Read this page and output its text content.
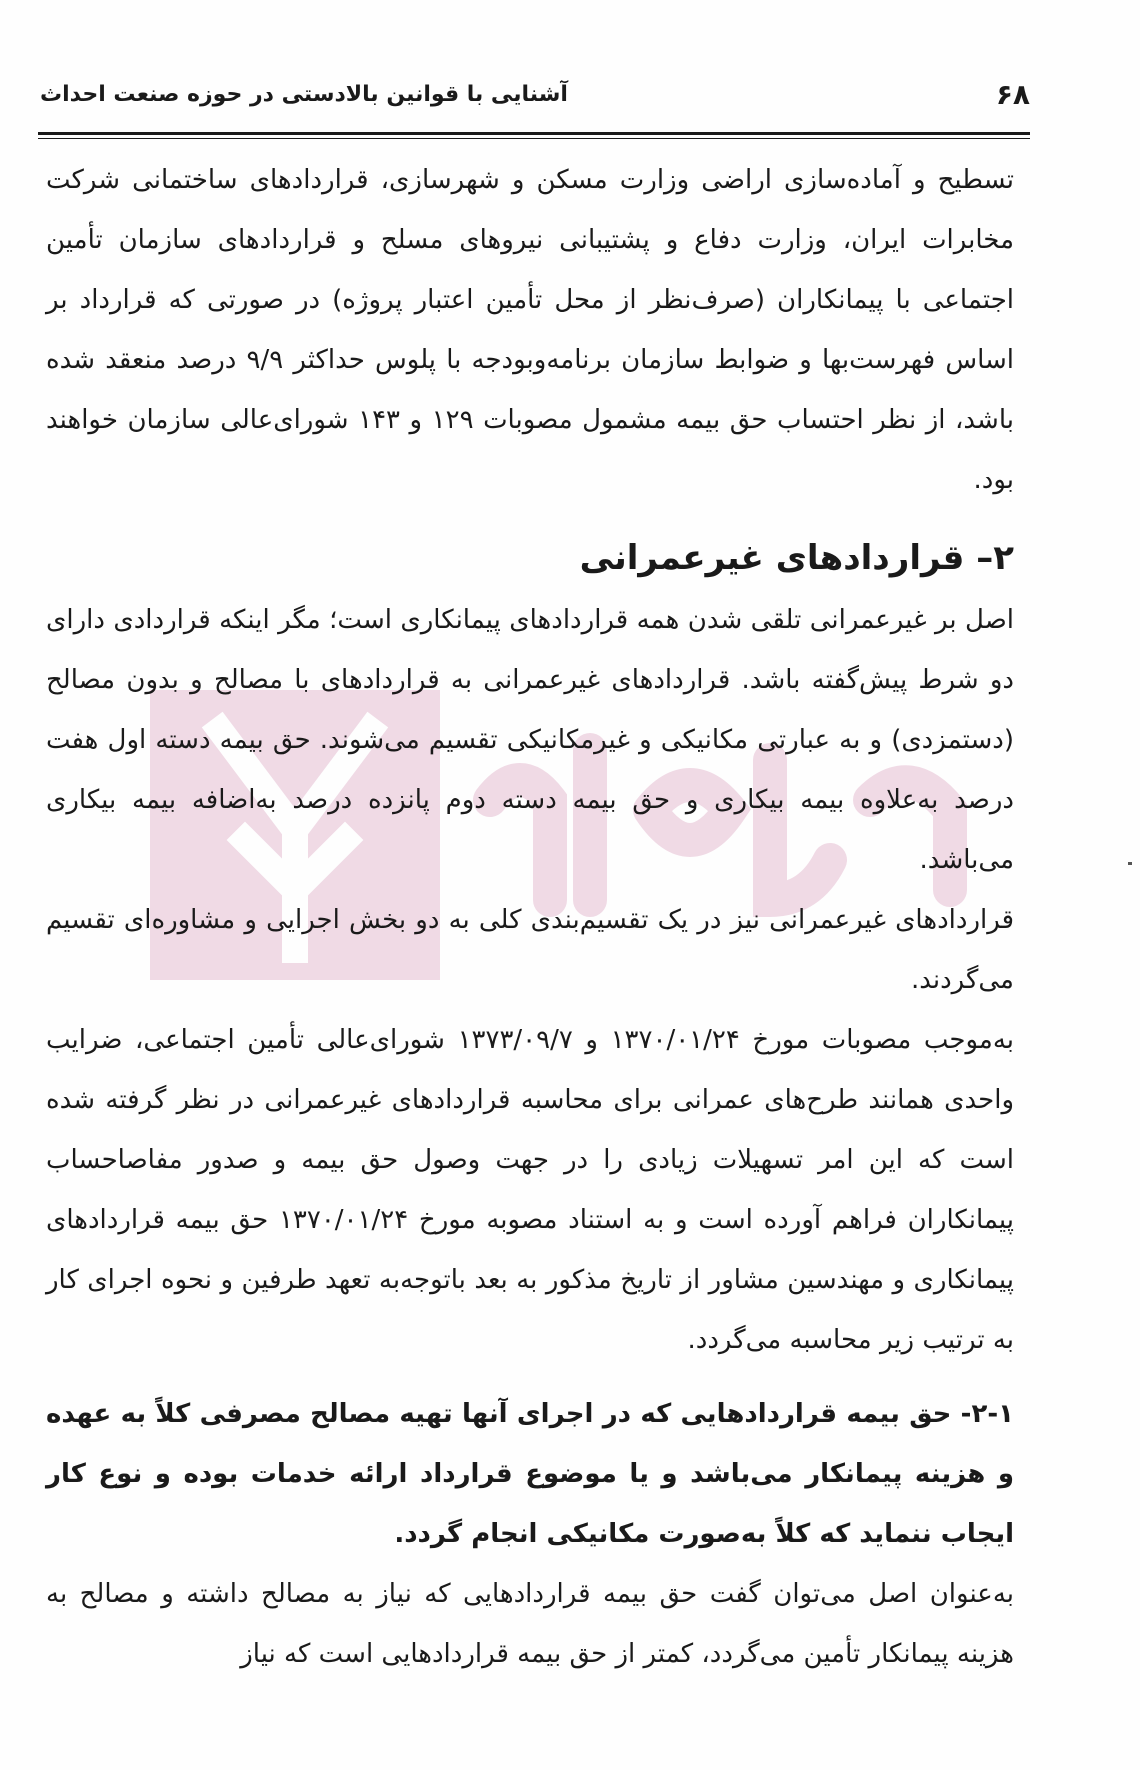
۶۸
آشنایی با قوانین بالادستی در حوزه صنعت احداث

تسطیح و آماده‌سازی اراضی وزارت مسکن و شهرسازی، قراردادهای ساختمانی شرکت مخابرات ایران، وزارت دفاع و پشتیبانی نیروهای مسلح و قراردادهای سازمان تأمین اجتماعی با پیمانکاران (صرف‌نظر از محل تأمین اعتبار پروژه) در صورتی که قرارداد بر اساس فهرست‌بها و ضوابط سازمان برنامه‌وبودجه با پلوس حداکثر ۹/۹ درصد منعقد شده باشد، از نظر احتساب حق بیمه مشمول مصوبات ۱۲۹ و ۱۴۳ شورای‌عالی سازمان خواهند بود.

۲– قراردادهای غیرعمرانی

اصل بر غیرعمرانی تلقی شدن همه قراردادهای پیمانکاری است؛ مگر اینکه قراردادی دارای دو شرط پیش‌گفته باشد. قراردادهای غیرعمرانی به قراردادهای با مصالح و بدون مصالح (دستمزدی) و به عبارتی مکانیکی و غیرمکانیکی تقسیم می‌شوند. حق بیمه دسته اول هفت درصد به‌علاوه بیمه بیکاری و حق بیمه دسته دوم پانزده درصد به‌اضافه بیمه بیکاری می‌باشد.

قراردادهای غیرعمرانی نیز در یک تقسیم‌بندی کلی به دو بخش اجرایی و مشاوره‌ای تقسیم می‌گردند.

به‌موجب مصوبات مورخ ۱۳۷۰/۰۱/۲۴ و ۱۳۷۳/۰۹/۷ شورای‌عالی تأمین اجتماعی، ضرایب واحدی همانند طرح‌های عمرانی برای محاسبه قراردادهای غیرعمرانی در نظر گرفته شده است که این امر تسهیلات زیادی را در جهت وصول حق بیمه و صدور مفاصاحساب پیمانکاران فراهم آورده است و به استناد مصوبه مورخ ۱۳۷۰/۰۱/۲۴ حق بیمه قراردادهای پیمانکاری و مهندسین مشاور از تاریخ مذکور به بعد باتوجه‌به تعهد طرفین و نحوه اجرای کار به ترتیب زیر محاسبه می‌گردد.

۲-۱- حق بیمه قراردادهایی که در اجرای آنها تهیه مصالح مصرفی کلاً به عهده و هزینه پیمانکار می‌باشد و یا موضوع قرارداد ارائه خدمات بوده و نوع کار ایجاب ننماید که کلاً به‌صورت مکانیکی انجام گردد.

به‌عنوان اصل می‌توان گفت حق بیمه قراردادهایی که نیاز به مصالح داشته و مصالح به هزینه پیمانکار تأمین می‌گردد، کمتر از حق بیمه قراردادهایی است که نیاز
